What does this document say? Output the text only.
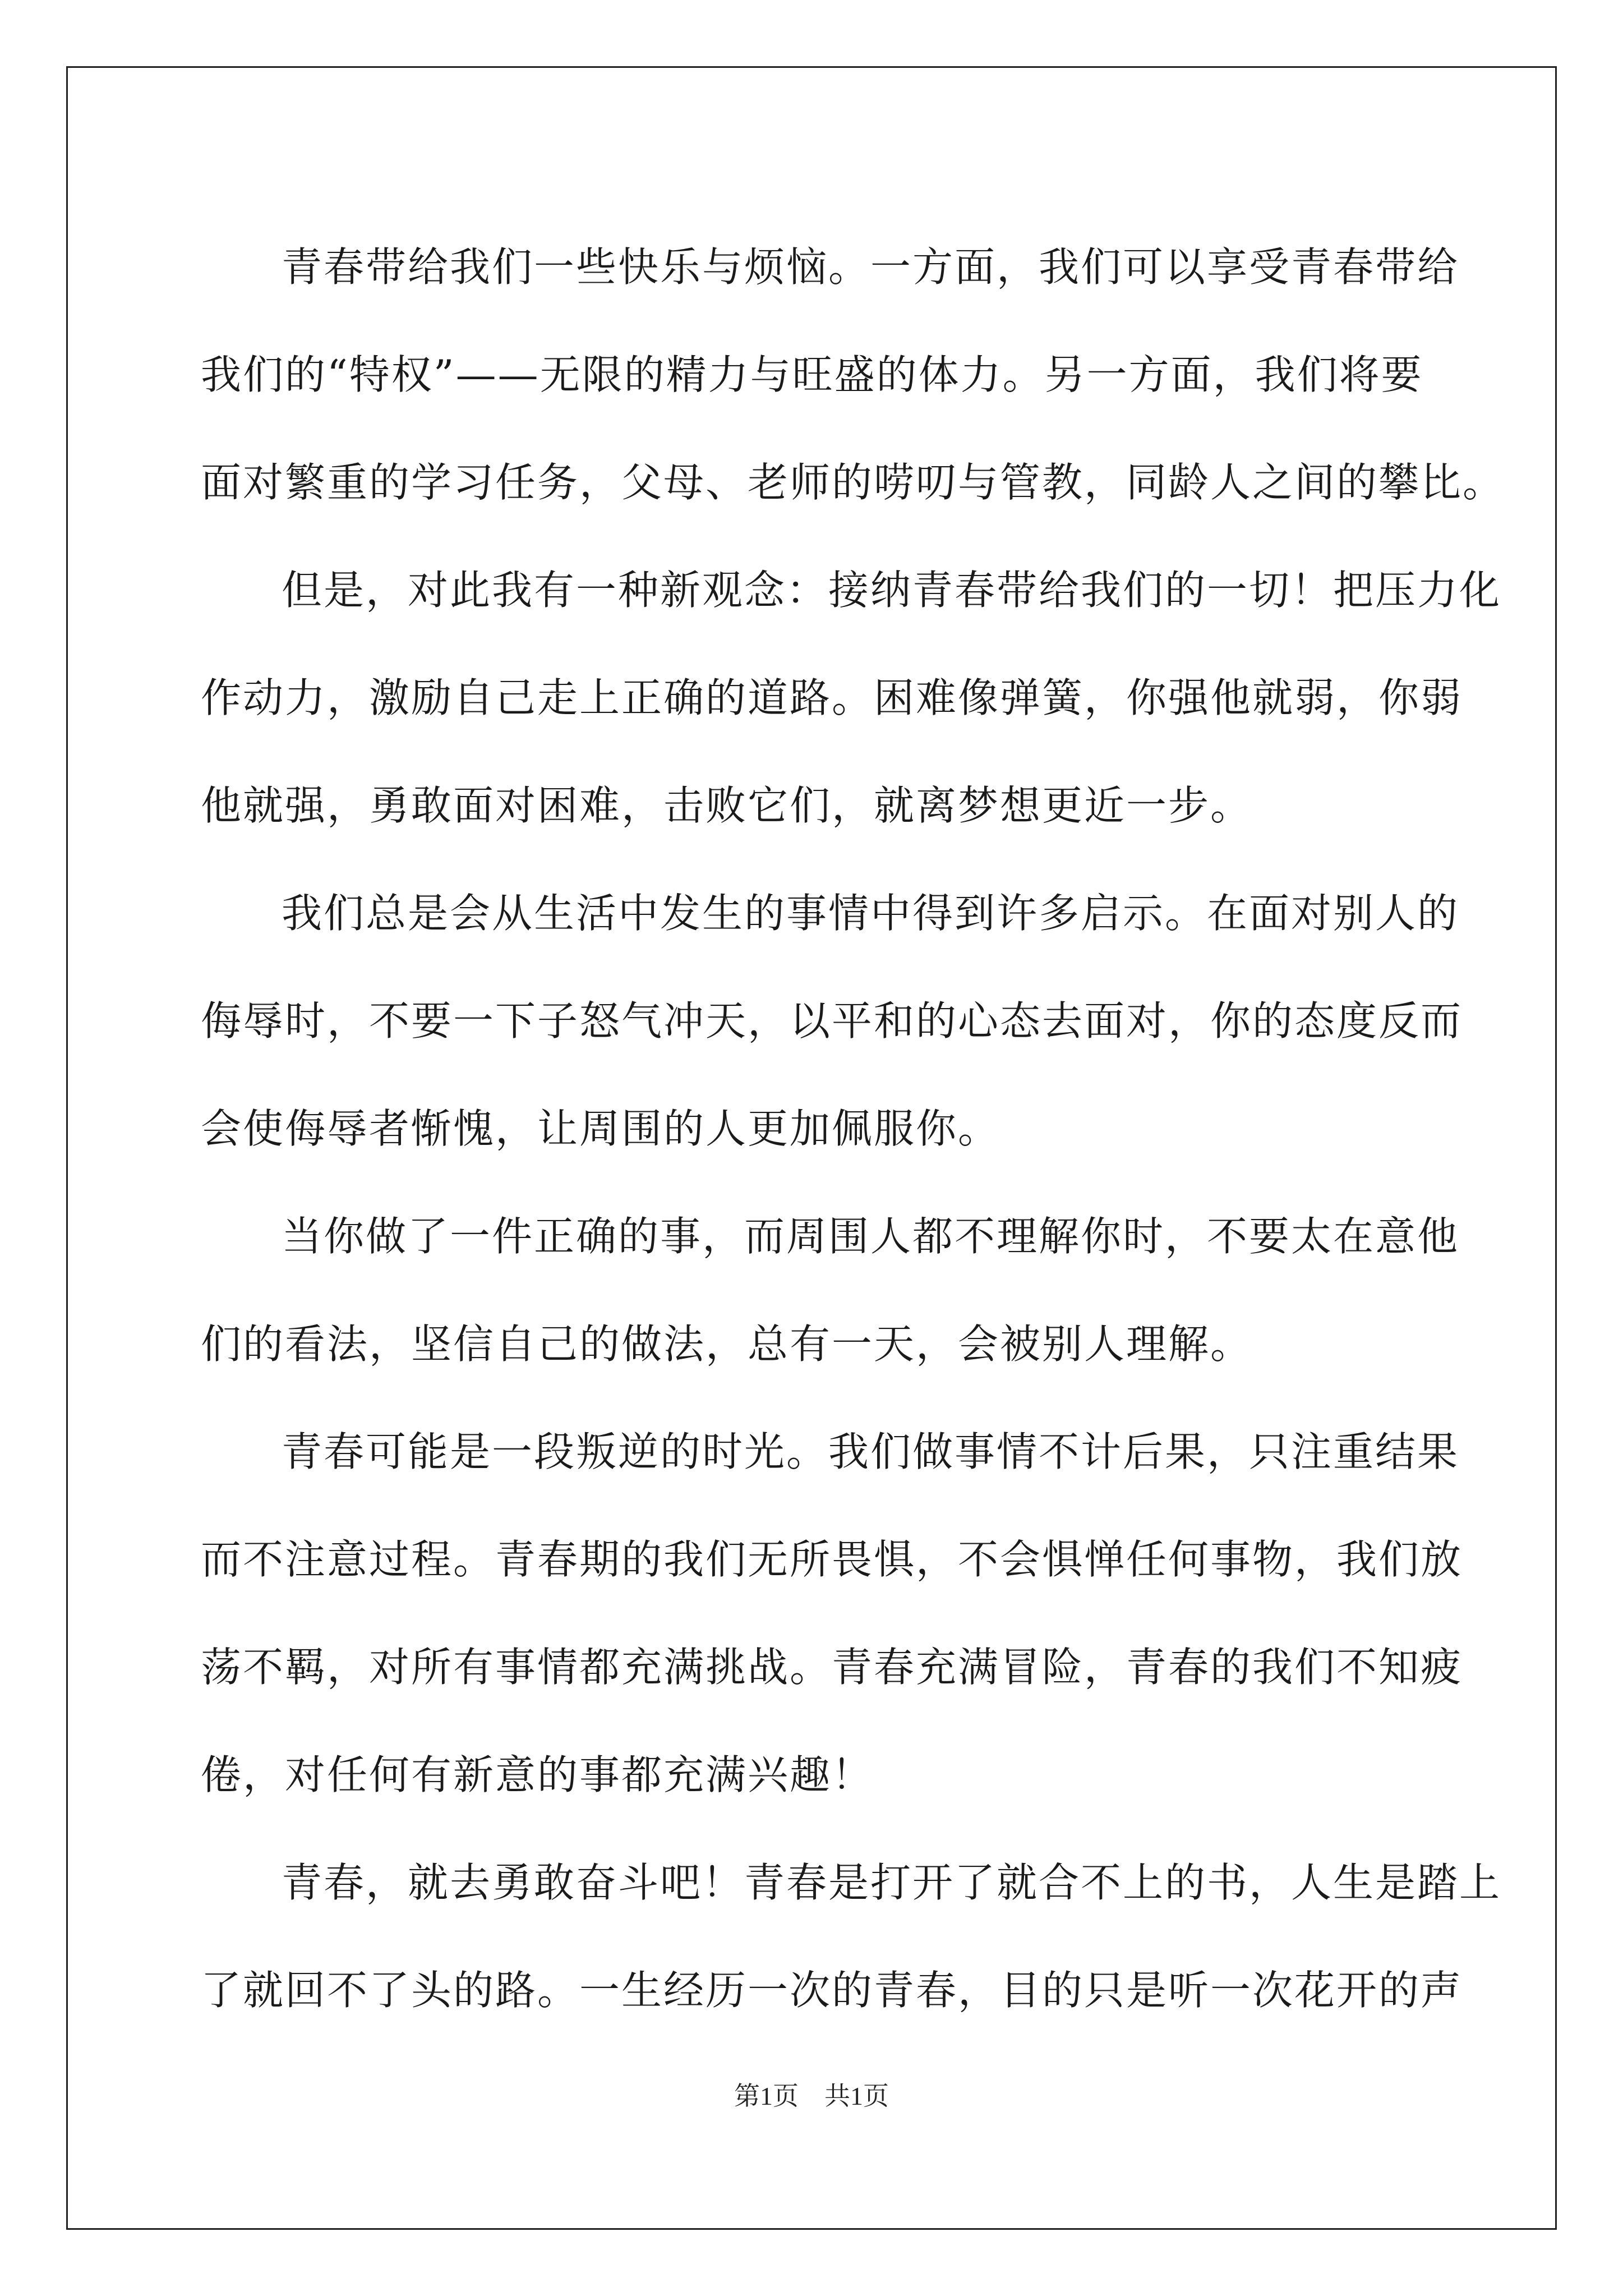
青春带给我们一些快乐与烦恼。一方面，我们可以享受青春带给
我们的“特权”——无限的精力与旺盛的体力。另一方面，我们将要
面对繁重的学习任务，父母、老师的唠叨与管教，同龄人之间的攀比。

但是，对此我有一种新观念：接纳青春带给我们的一切！把压力化
作动力，激励自己走上正确的道路。困难像弹簧，你强他就弱，你弱
他就强，勇敢面对困难，击败它们，就离梦想更近一步。

我们总是会从生活中发生的事情中得到许多启示。在面对别人的
侮辱时，不要一下子怒气冲天，以平和的心态去面对，你的态度反而
会使侮辱者惭愧，让周围的人更加佩服你。

当你做了一件正确的事，而周围人都不理解你时，不要太在意他
们的看法，坚信自己的做法，总有一天，会被别人理解。

青春可能是一段叛逆的时光。我们做事情不计后果，只注重结果
而不注意过程。青春期的我们无所畏惧，不会惧惮任何事物，我们放
荡不羁，对所有事情都充满挑战。青春充满冒险，青春的我们不知疲
倦，对任何有新意的事都充满兴趣！

青春，就去勇敢奋斗吧！青春是打开了就合不上的书，人生是踏上
了就回不了头的路。一生经历一次的青春，目的只是听一次花开的声

第1页　共1页
